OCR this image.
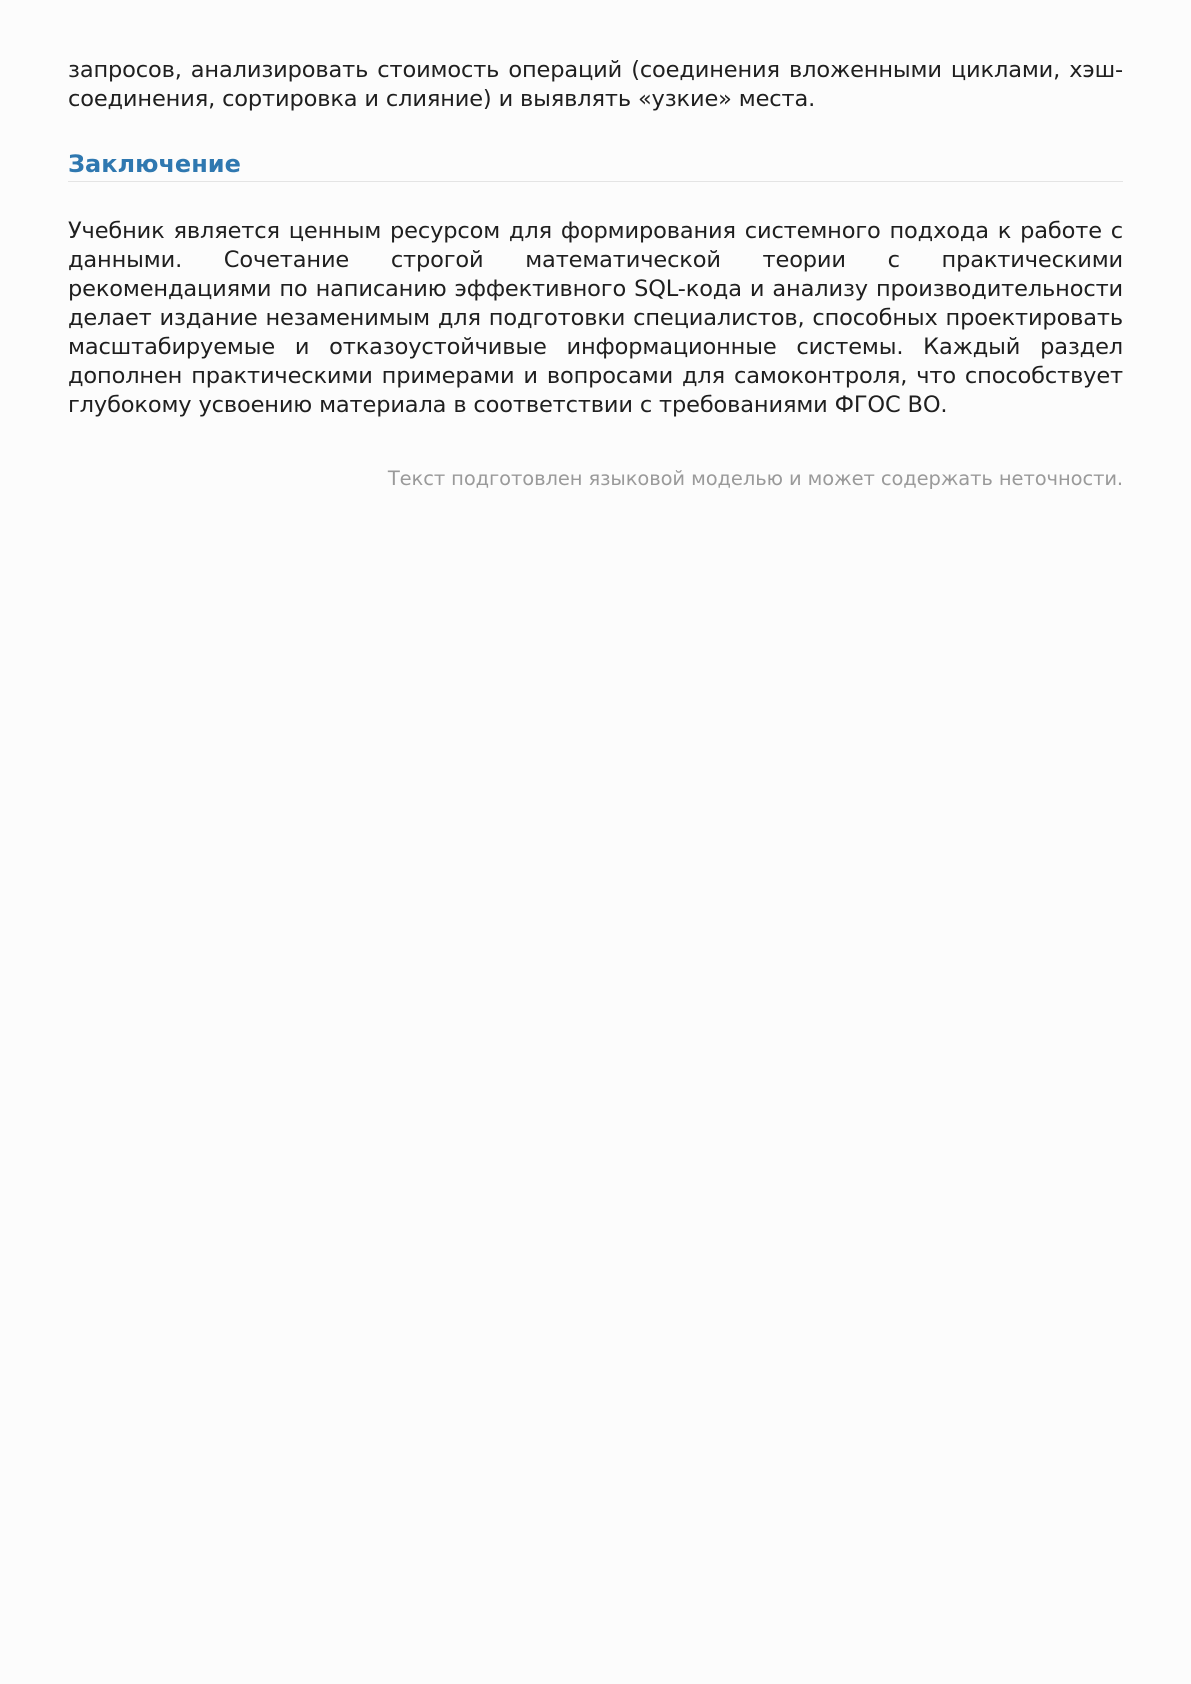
запросов, анализировать стоимость операций (соединения вложенными циклами, хэш-соединения, сортировка и слияние) и выявлять «узкие» места.

Заключение

Учебник является ценным ресурсом для формирования системного подхода к работе с данными. Сочетание строгой математической теории с практическими рекомендациями по написанию эффективного SQL-кода и анализу производительности делает издание незаменимым для подготовки специалистов, способных проектировать масштабируемые и отказоустойчивые информационные системы. Каждый раздел дополнен практическими примерами и вопросами для самоконтроля, что способствует глубокому усвоению материала в соответствии с требованиями ФГОС ВО.

Текст подготовлен языковой моделью и может содержать неточности.
